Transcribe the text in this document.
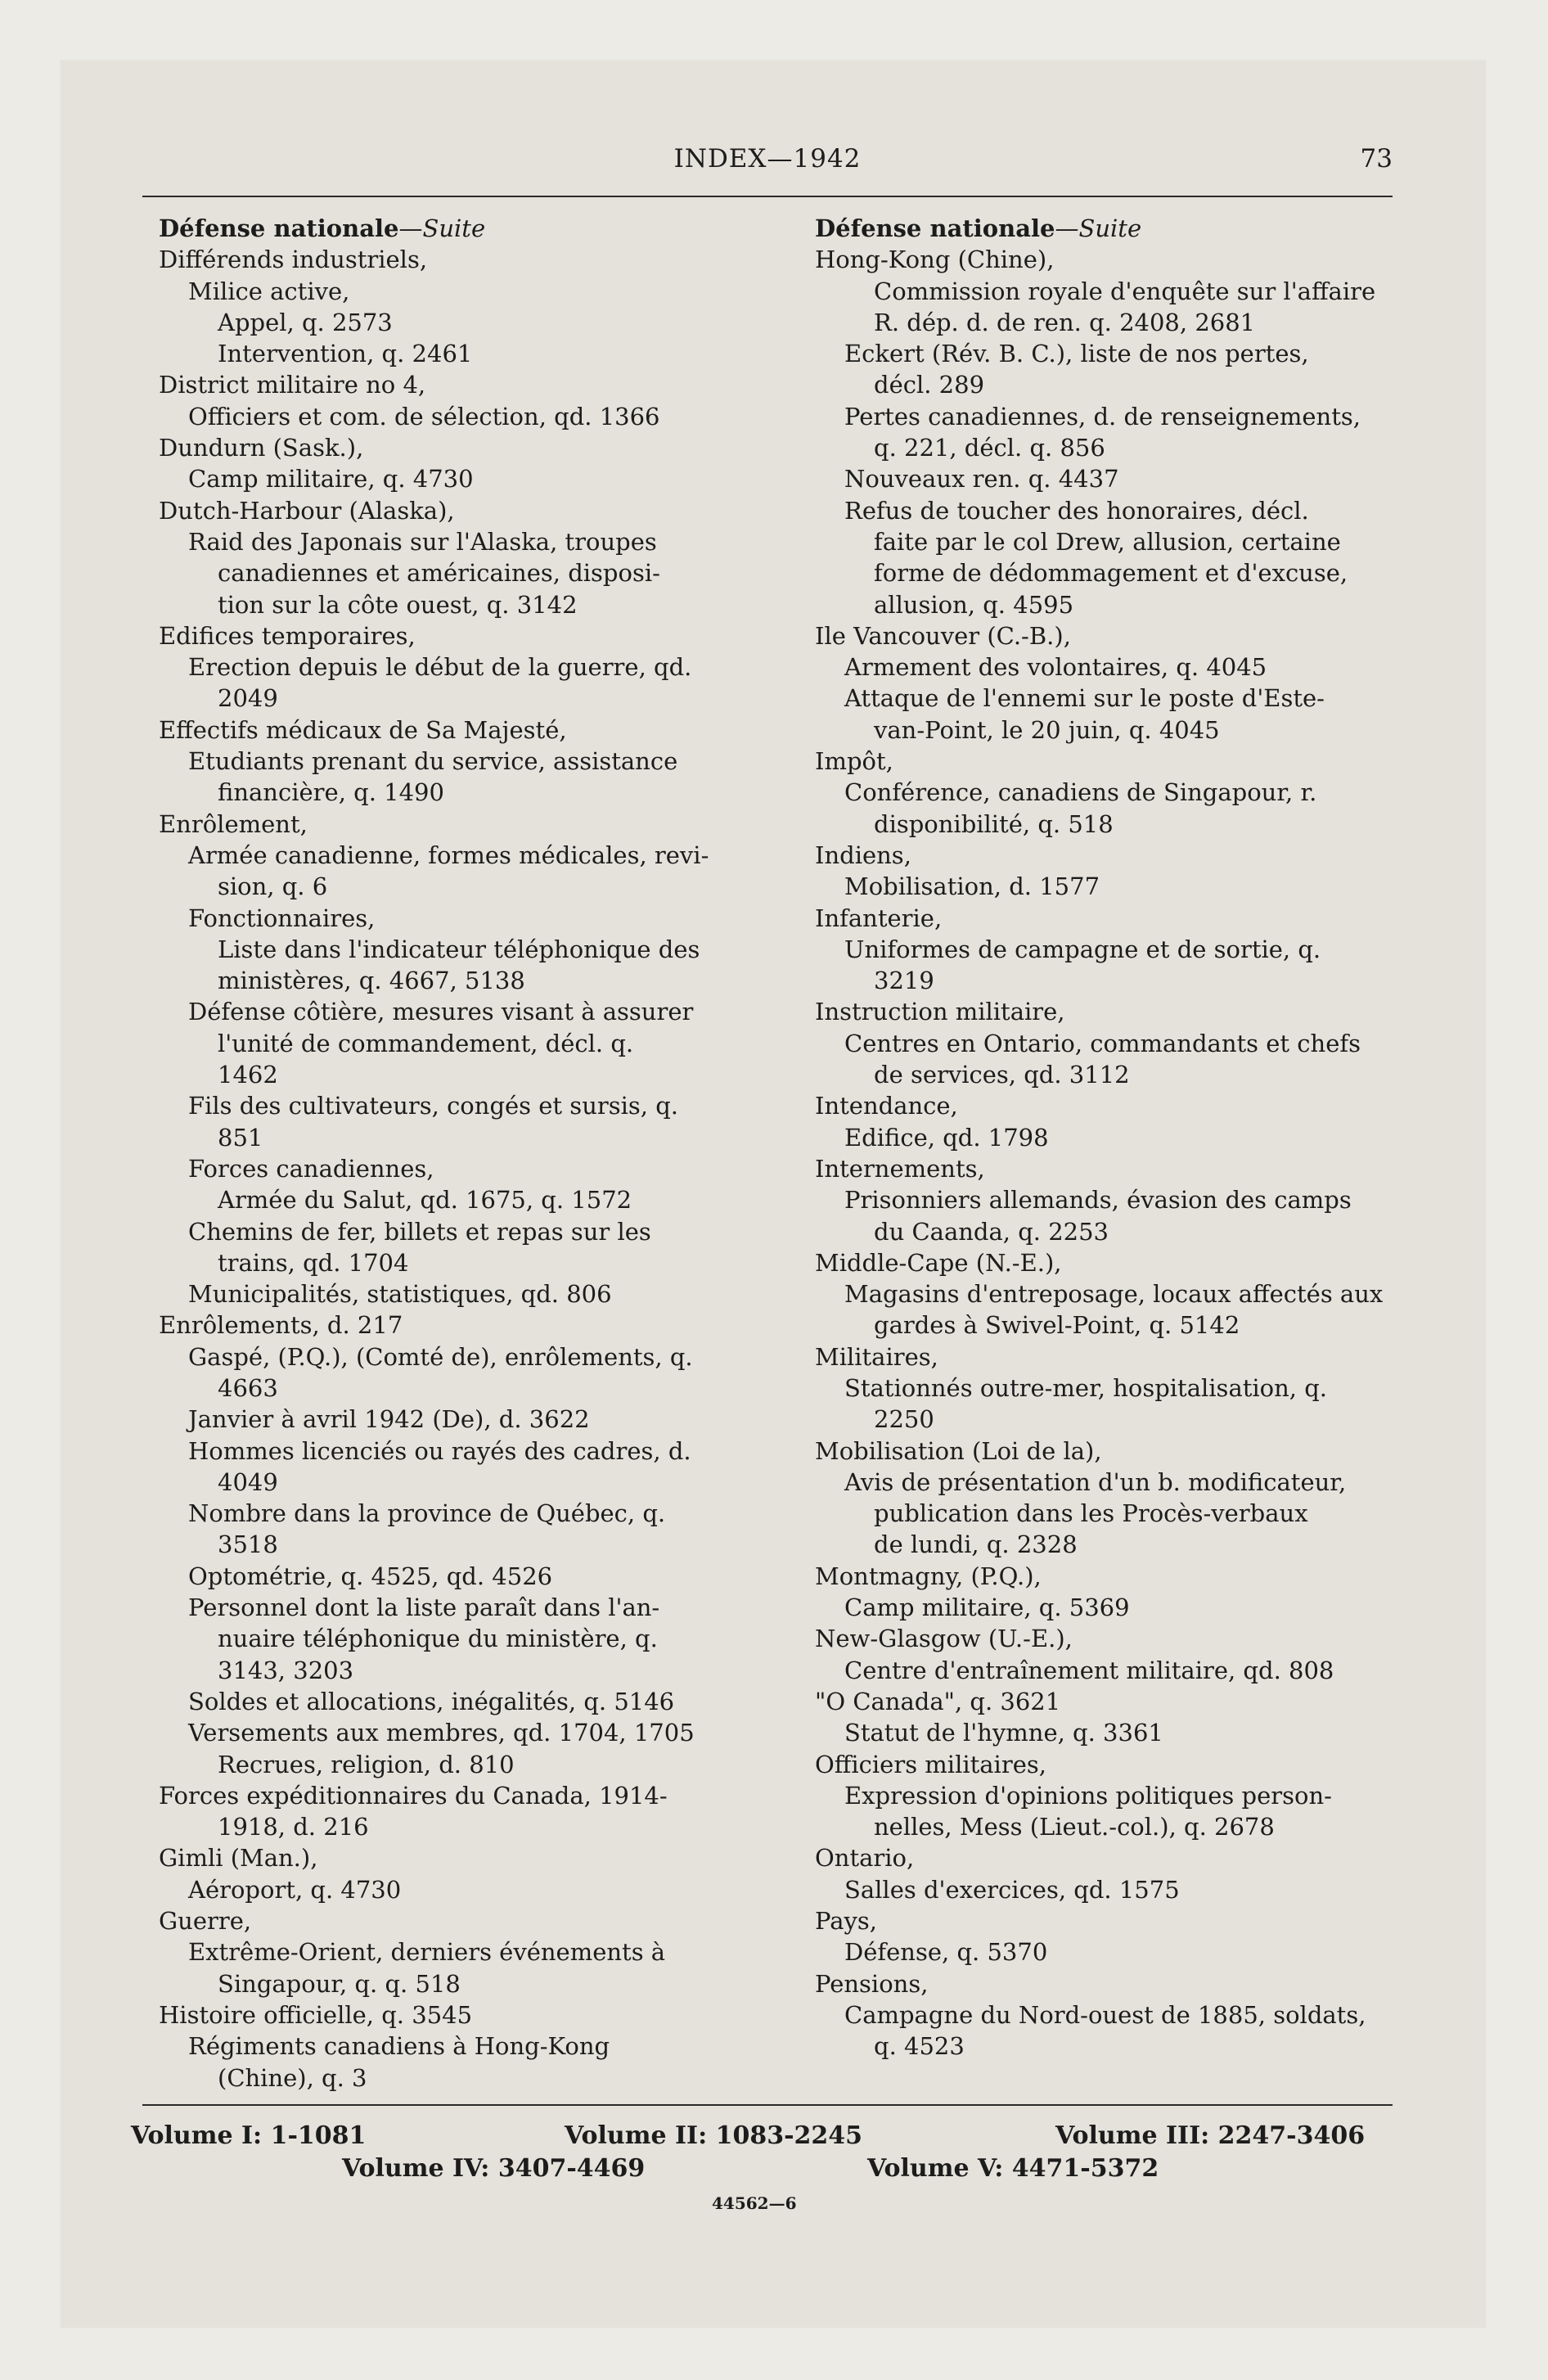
INDEX—1942	73
Défense nationale—Suite
Différends industriels,
Milice active,
Appel, q. 2573
Intervention, q. 2461
District militaire no 4,
Officiers et com. de sélection, qd. 1366
Dundurn (Sask.),
Camp militaire, q. 4730
Dutch-Harbour (Alaska),
Raid des Japonais sur l'Alaska, troupes
canadiennes et américaines, disposi-
tion sur la côte ouest, q. 3142
Edifices temporaires,
Erection depuis le début de la guerre, qd.
2049
Effectifs médicaux de Sa Majesté,
Etudiants prenant du service, assistance
financière, q. 1490
Enrôlement,
Armée canadienne, formes médicales, revi-
sion, q. 6
Fonctionnaires,
Liste dans l'indicateur téléphonique des
ministères, q. 4667, 5138
Défense côtière, mesures visant à assurer
l'unité de commandement, décl. q.
1462
Fils des cultivateurs, congés et sursis, q.
851
Forces canadiennes,
Armée du Salut, qd. 1675, q. 1572
Chemins de fer, billets et repas sur les
trains, qd. 1704
Municipalités, statistiques, qd. 806
Enrôlements, d. 217
Gaspé, (P.Q.), (Comté de), enrôlements, q.
4663
Janvier à avril 1942 (De), d. 3622
Hommes licenciés ou rayés des cadres, d.
4049
Nombre dans la province de Québec, q.
3518
Optométrie, q. 4525, qd. 4526
Personnel dont la liste paraît dans l'an-
nuaire téléphonique du ministère, q.
3143, 3203
Soldes et allocations, inégalités, q. 5146
Versements aux membres, qd. 1704, 1705
Recrues, religion, d. 810
Forces expéditionnaires du Canada, 1914-
1918, d. 216
Gimli (Man.),
Aéroport, q. 4730
Guerre,
Extrême-Orient, derniers événements à
Singapour, q. q. 518
Histoire officielle, q. 3545
Régiments canadiens à Hong-Kong
(Chine), q. 3
Défense nationale—Suite
Hong-Kong (Chine),
Commission royale d'enquête sur l'affaire
R. dép. d. de ren. q. 2408, 2681
Eckert (Rév. B. C.), liste de nos pertes,
décl. 289
Pertes canadiennes, d. de renseignements,
q. 221, décl. q. 856
Nouveaux ren. q. 4437
Refus de toucher des honoraires, décl.
faite par le col Drew, allusion, certaine
forme de dédommagement et d'excuse,
allusion, q. 4595
Ile Vancouver (C.-B.),
Armement des volontaires, q. 4045
Attaque de l'ennemi sur le poste d'Este-
van-Point, le 20 juin, q. 4045
Impôt,
Conférence, canadiens de Singapour, r.
disponibilité, q. 518
Indiens,
Mobilisation, d. 1577
Infanterie,
Uniformes de campagne et de sortie, q.
3219
Instruction militaire,
Centres en Ontario, commandants et chefs
de services, qd. 3112
Intendance,
Edifice, qd. 1798
Internements,
Prisonniers allemands, évasion des camps
du Caanda, q. 2253
Middle-Cape (N.-E.),
Magasins d'entreposage, locaux affectés aux
gardes à Swivel-Point, q. 5142
Militaires,
Stationnés outre-mer, hospitalisation, q.
2250
Mobilisation (Loi de la),
Avis de présentation d'un b. modificateur,
publication dans les Procès-verbaux
de lundi, q. 2328
Montmagny, (P.Q.),
Camp militaire, q. 5369
New-Glasgow (U.-E.),
Centre d'entraînement militaire, qd. 808
"O Canada", q. 3621
Statut de l'hymne, q. 3361
Officiers militaires,
Expression d'opinions politiques person-
nelles, Mess (Lieut.-col.), q. 2678
Ontario,
Salles d'exercices, qd. 1575
Pays,
Défense, q. 5370
Pensions,
Campagne du Nord-ouest de 1885, soldats,
q. 4523
Volume I: 1-1081	Volume II: 1083-2245	Volume III: 2247-3406
Volume IV: 3407-4469	Volume V: 4471-5372
44562—6
